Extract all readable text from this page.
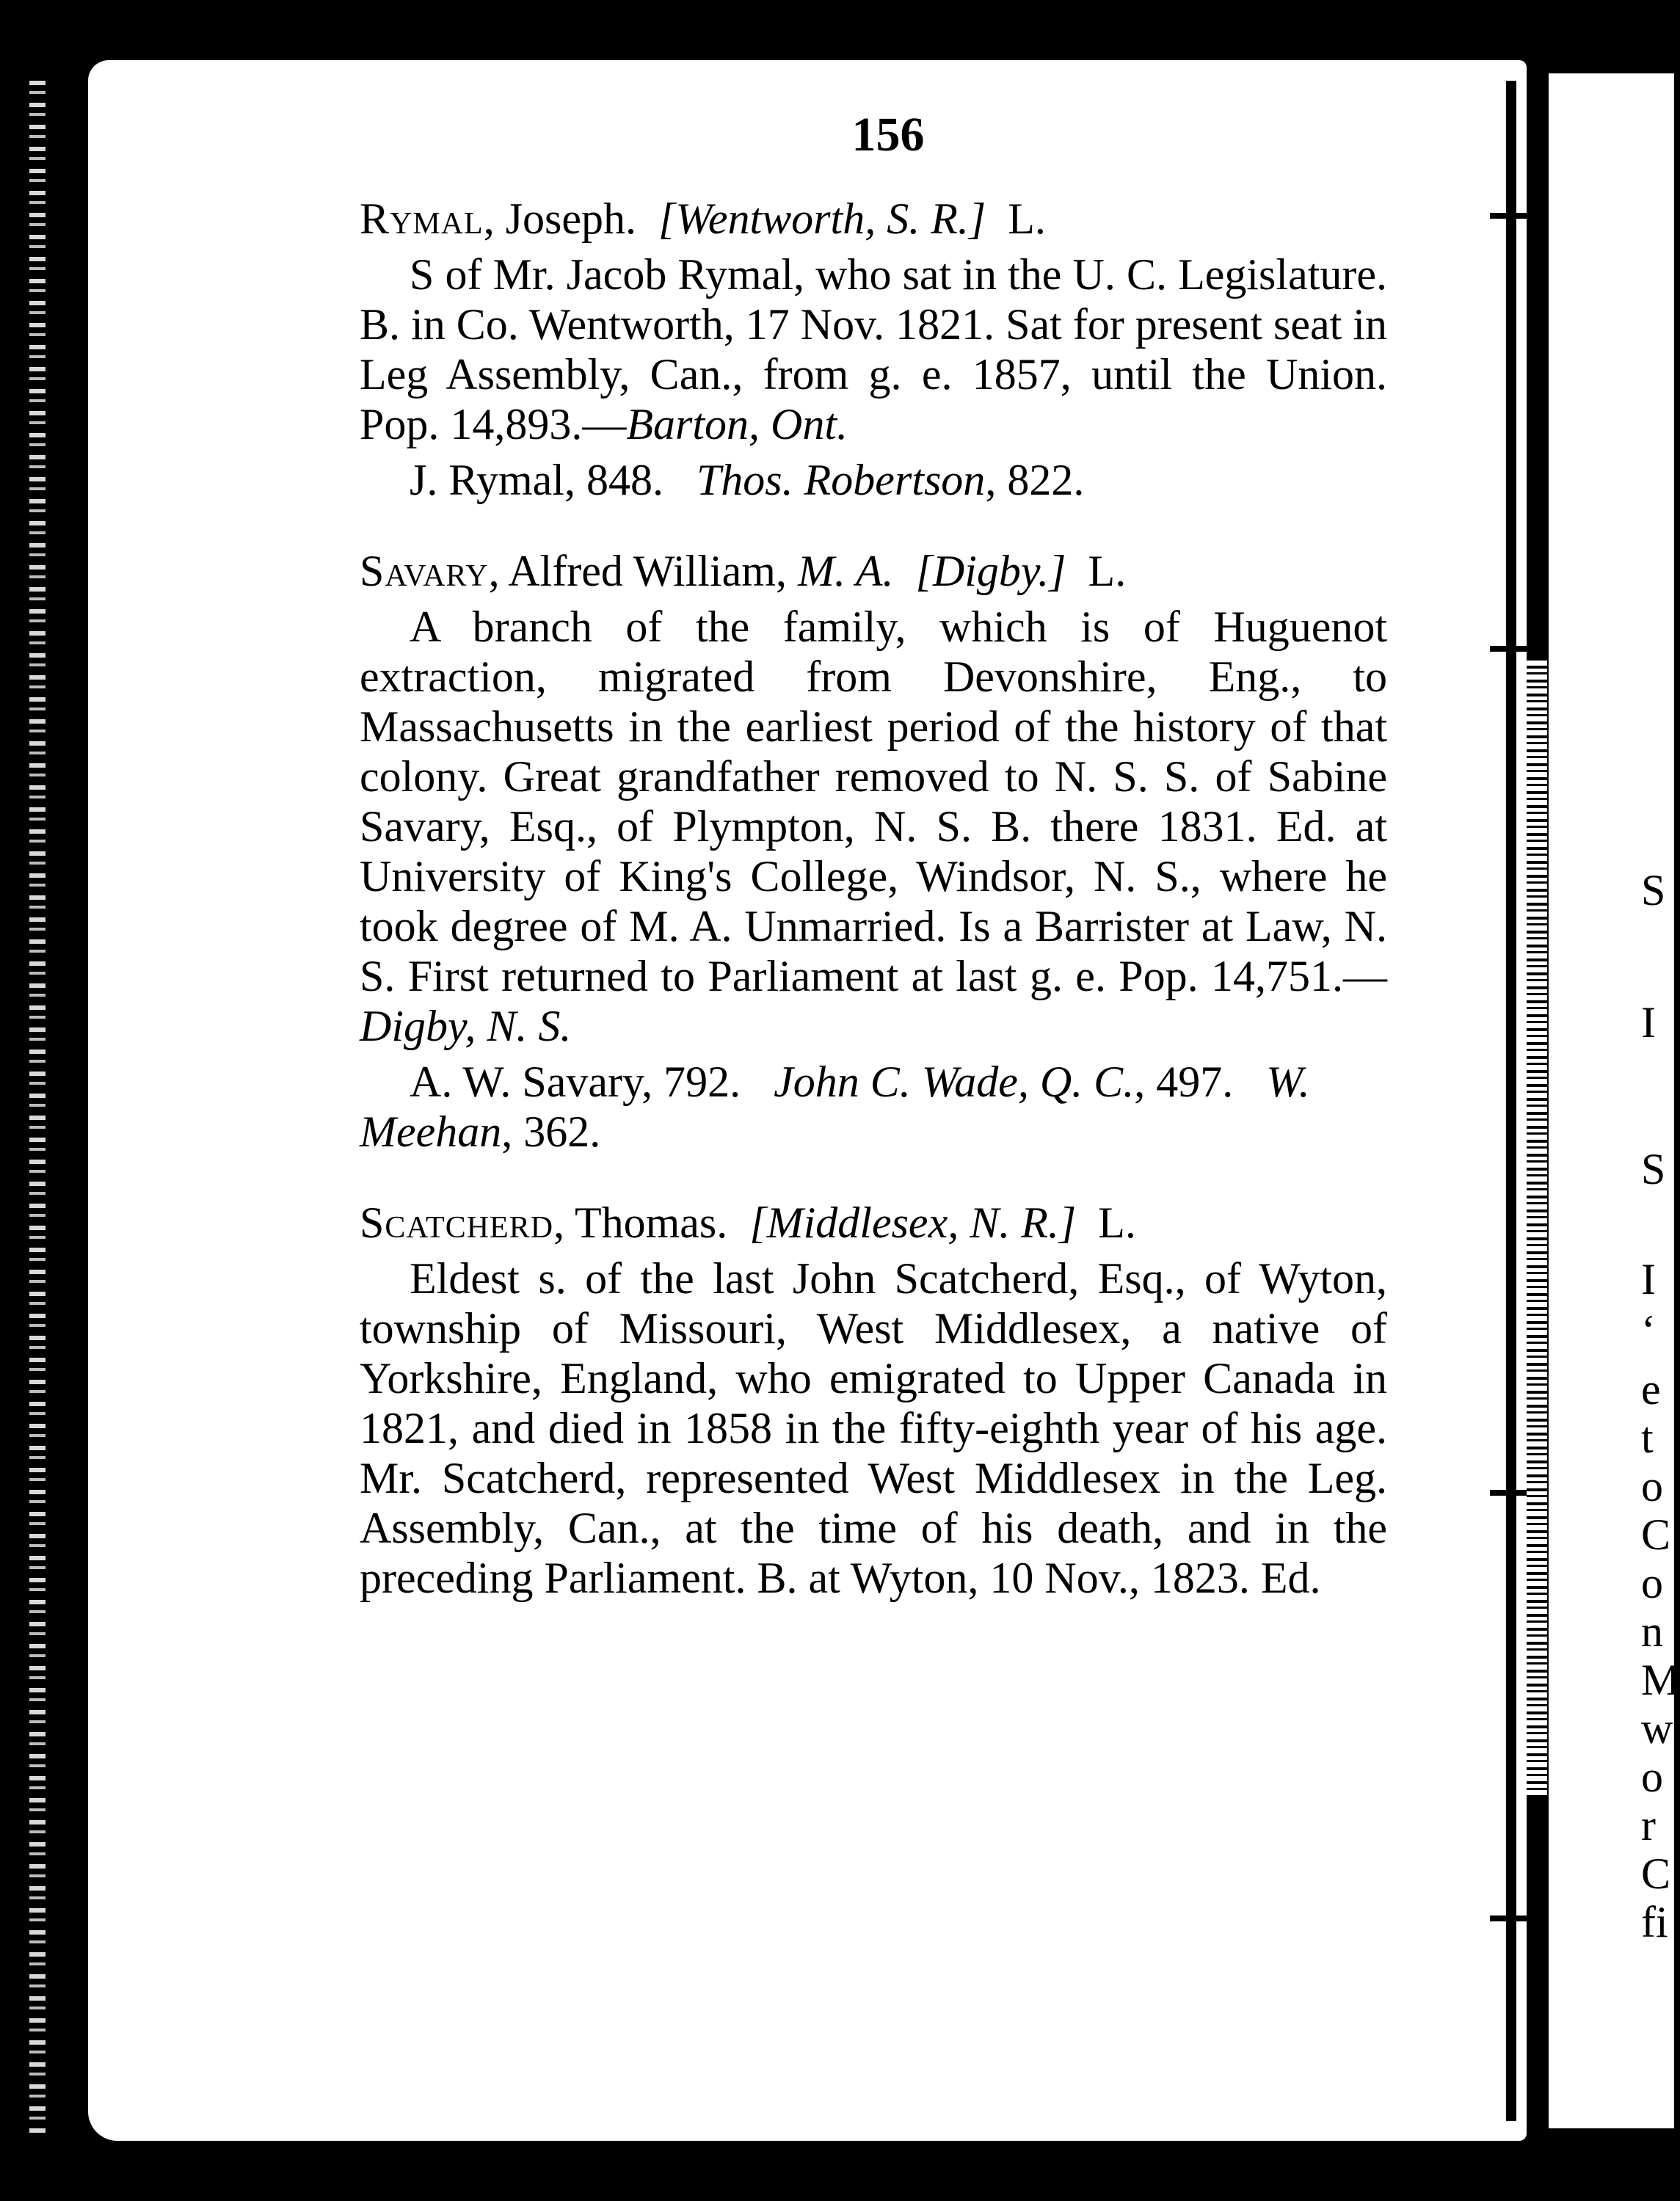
S
I
S
I
‘
e
t
o
C
o
n
M
w
o
r
C
fi
156
Rymal, Joseph. [Wentworth, S. R.] L.

S of Mr. Jacob Rymal, who sat in the U. C. Legislature. B. in Co. Wentworth, 17 Nov. 1821. Sat for present seat in Leg Assembly, Can., from g. e. 1857, until the Union. Pop. 14,893.—Barton, Ont.

J. Rymal, 848. Thos. Robertson, 822.

Savary, Alfred William, M. A. [Digby.] L.

A branch of the family, which is of Huguenot extraction, migrated from Devonshire, Eng., to Massachusetts in the earliest period of the history of that colony. Great grandfather removed to N. S. S. of Sabine Savary, Esq., of Plympton, N. S. B. there 1831. Ed. at University of King's College, Windsor, N. S., where he took degree of M. A. Unmarried. Is a Barrister at Law, N. S. First returned to Parliament at last g. e. Pop. 14,751.—Digby, N. S.

A. W. Savary, 792. John C. Wade, Q. C., 497. W. Meehan, 362.

Scatcherd, Thomas. [Middlesex, N. R.] L.

Eldest s. of the last John Scatcherd, Esq., of Wyton, township of Missouri, West Middlesex, a native of Yorkshire, England, who emigrated to Upper Canada in 1821, and died in 1858 in the fifty-eighth year of his age. Mr. Scatcherd, represented West Middlesex in the Leg. Assembly, Can., at the time of his death, and in the preceding Parliament. B. at Wyton, 10 Nov., 1823. Ed.
